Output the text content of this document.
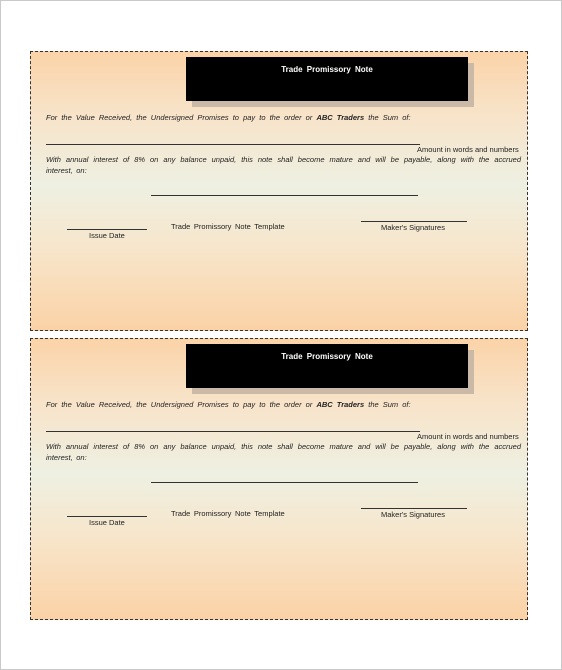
Trade Promissory Note
For the Value Received, the Undersigned Promises to pay to the order or ABC Traders the Sum of:
Amount in words and numbers
With annual interest of 8% on any balance unpaid, this note shall become mature and will be payable, along with the accrued interest, on:
Trade Promissory Note Template	Maker's Signatures
Issue Date
Trade Promissory Note
For the Value Received, the Undersigned Promises to pay to the order or ABC Traders the Sum of:
Amount in words and numbers
With annual interest of 8% on any balance unpaid, this note shall become mature and will be payable, along with the accrued interest, on:
Trade Promissory Note Template	Maker's Signatures
Issue Date
